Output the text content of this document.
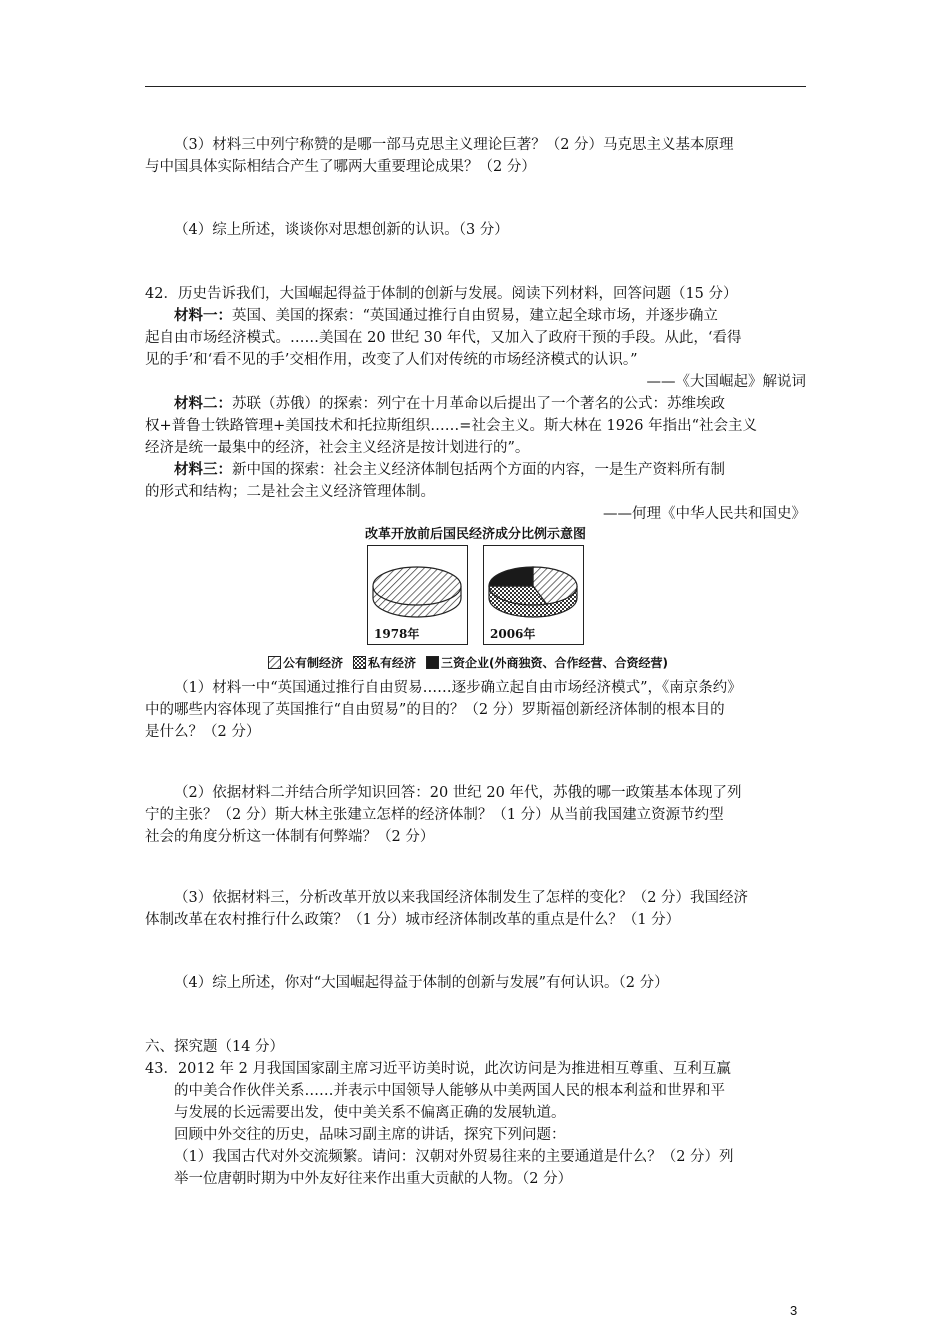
（3）材料三中列宁称赞的是哪一部马克思主义理论巨著？（2 分）马克思主义基本原理

与中国具体实际相结合产生了哪两大重要理论成果？（2 分）

（4）综上所述，谈谈你对思想创新的认识。（3 分）

42．历史告诉我们，大国崛起得益于体制的创新与发展。阅读下列材料，回答问题（15 分）

材料一：英国、美国的探索：“英国通过推行自由贸易，建立起全球市场，并逐步确立

起自由市场经济模式。……美国在 20 世纪 30 年代，又加入了政府干预的手段。从此，‘看得

见的手’和‘看不见的手’交相作用，改变了人们对传统的市场经济模式的认识。”

——《大国崛起》解说词

材料二：苏联（苏俄）的探索：列宁在十月革命以后提出了一个著名的公式：苏维埃政

权+普鲁士铁路管理+美国技术和托拉斯组织……=社会主义。斯大林在 1926 年指出“社会主义

经济是统一最集中的经济，社会主义经济是按计划进行的”。

材料三：新中国的探索：社会主义经济体制包括两个方面的内容，一是生产资料所有制

的形式和结构；二是社会主义经济管理体制。

——何理《中华人民共和国史》

改革开放前后国民经济成分比例示意图
1978年	2006年
公有制经济 私有经济 三资企业(外商独资、合作经营、合资经营)

（1）材料一中“英国通过推行自由贸易……逐步确立起自由市场经济模式”，《南京条约》

中的哪些内容体现了英国推行“自由贸易”的目的？（2 分）罗斯福创新经济体制的根本目的

是什么？（2 分）

（2）依据材料二并结合所学知识回答：20 世纪 20 年代，苏俄的哪一政策基本体现了列

宁的主张？（2 分）斯大林主张建立怎样的经济体制？（1 分）从当前我国建立资源节约型

社会的角度分析这一体制有何弊端？（2 分）

（3）依据材料三，分析改革开放以来我国经济体制发生了怎样的变化？（2 分）我国经济

体制改革在农村推行什么政策？（1 分）城市经济体制改革的重点是什么？（1 分）

（4）综上所述，你对“大国崛起得益于体制的创新与发展”有何认识。（2 分）

六、探究题（14 分）

43．2012 年 2 月我国国家副主席习近平访美时说，此次访问是为推进相互尊重、互利互赢

的中美合作伙伴关系……并表示中国领导人能够从中美两国人民的根本利益和世界和平

与发展的长远需要出发，使中美关系不偏离正确的发展轨道。

回顾中外交往的历史，品味习副主席的讲话，探究下列问题：

（1）我国古代对外交流频繁。请问：汉朝对外贸易往来的主要通道是什么？（2 分）列

举一位唐朝时期为中外友好往来作出重大贡献的人物。（2 分）

3
